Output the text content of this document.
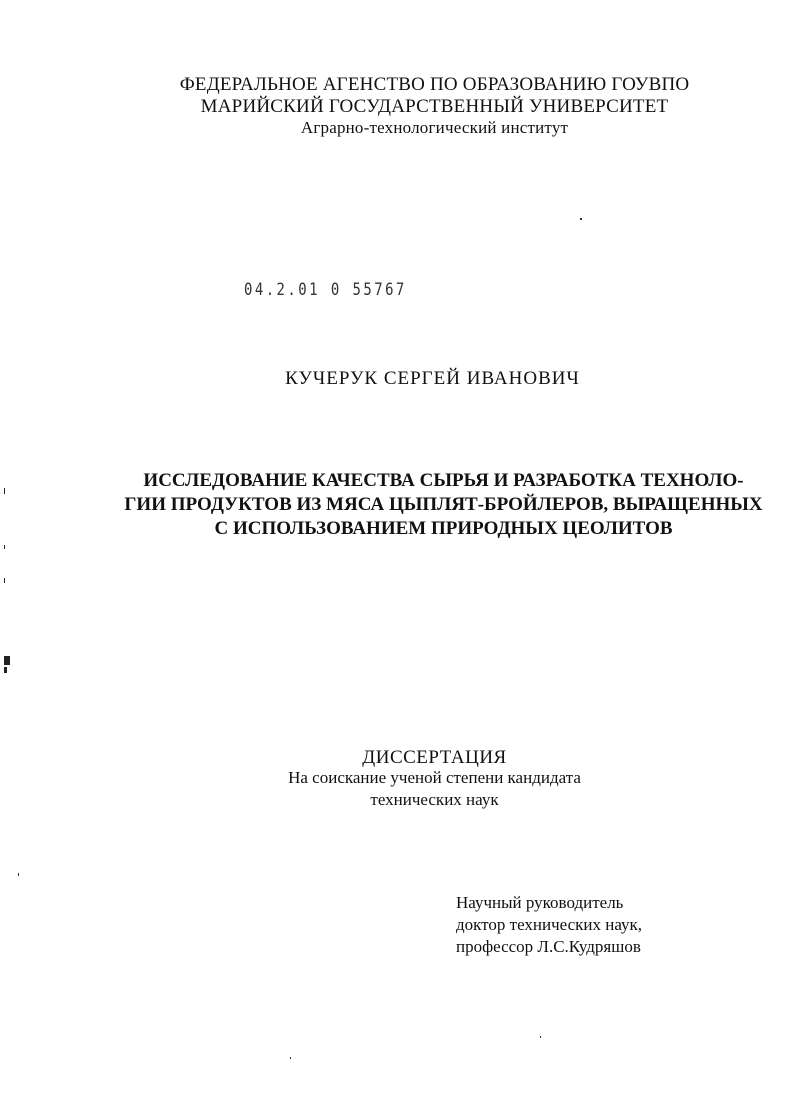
ФЕДЕРАЛЬНОЕ АГЕНСТВО ПО ОБРАЗОВАНИЮ ГОУВПО
МАРИЙСКИЙ ГОСУДАРСТВЕННЫЙ УНИВЕРСИТЕТ
Аграрно-технологический институт
04.2.01 0 55767
КУЧЕРУК СЕРГЕЙ ИВАНОВИЧ
ИССЛЕДОВАНИЕ КАЧЕСТВА СЫРЬЯ И РАЗРАБОТКА ТЕХНОЛО-
ГИИ ПРОДУКТОВ ИЗ МЯСА ЦЫПЛЯТ-БРОЙЛЕРОВ, ВЫРАЩЕННЫХ
С ИСПОЛЬЗОВАНИЕМ ПРИРОДНЫХ ЦЕОЛИТОВ
ДИССЕРТАЦИЯ
На соискание ученой степени кандидата
технических наук
Научный руководитель
доктор технических наук,
профессор Л.С.Кудряшов
